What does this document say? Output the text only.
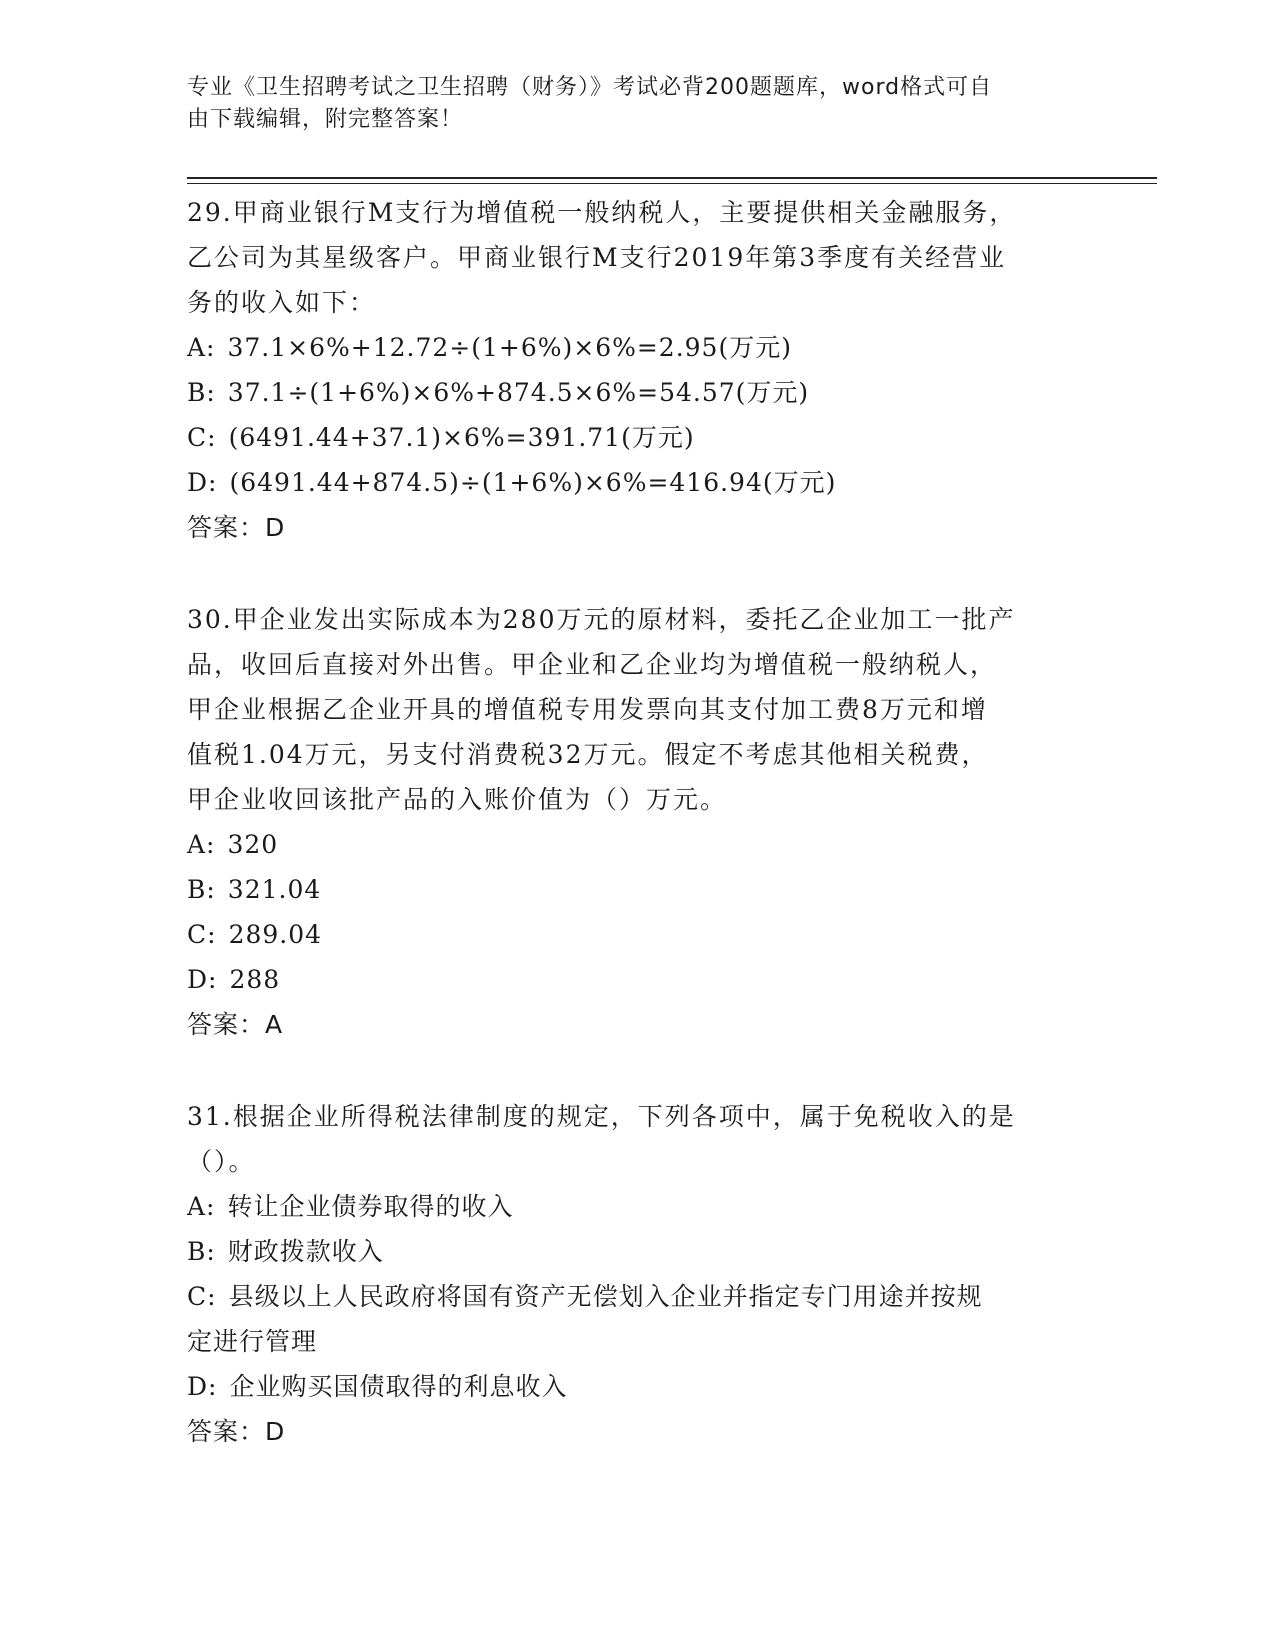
专业《卫生招聘考试之卫生招聘（财务）》考试必背200题题库，word格式可自
由下载编辑，附完整答案！

29.甲商业银行M支行为增值税一般纳税人，主要提供相关金融服务，

乙公司为其星级客户。甲商业银行M支行2019年第3季度有关经营业

务的收入如下：

A: 37.1×6%+12.72÷(1+6%)×6%=2.95(万元)

B: 37.1÷(1+6%)×6%+874.5×6%=54.57(万元)

C: (6491.44+37.1)×6%=391.71(万元)

D: (6491.44+874.5)÷(1+6%)×6%=416.94(万元)

答案：D

30.甲企业发出实际成本为280万元的原材料，委托乙企业加工一批产

品，收回后直接对外出售。甲企业和乙企业均为增值税一般纳税人，

甲企业根据乙企业开具的增值税专用发票向其支付加工费8万元和增

值税1.04万元，另支付消费税32万元。假定不考虑其他相关税费，

甲企业收回该批产品的入账价值为（）万元。

A: 320

B: 321.04

C: 289.04

D: 288

答案：A

31.根据企业所得税法律制度的规定，下列各项中，属于免税收入的是

（）。

A: 转让企业债券取得的收入

B: 财政拨款收入

C: 县级以上人民政府将国有资产无偿划入企业并指定专门用途并按规

定进行管理

D: 企业购买国债取得的利息收入

答案：D
